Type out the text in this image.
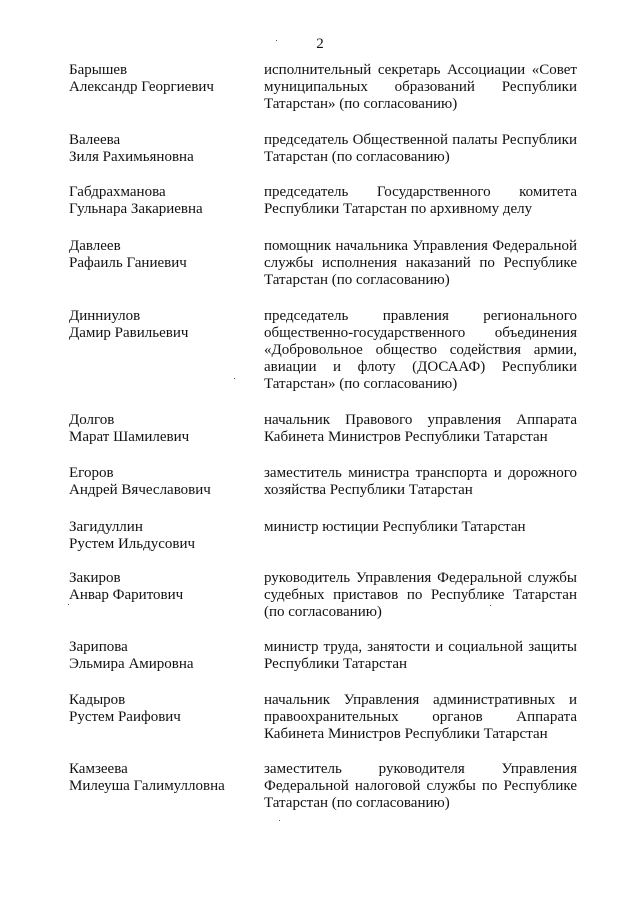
2
Барышев
Александр Георгиевич
исполнительный секретарь Ассоциации «Совет муниципальных образований Республики Татарстан» (по согласованию)
Валеева
Зиля Рахимьяновна
председатель Общественной палаты Республики Татарстан (по согласованию)
Габдрахманова
Гульнара Закариевна
председатель Государственного комитета Республики Татарстан по архивному делу
Давлеев
Рафаиль Ганиевич
помощник начальника Управления Федеральной службы исполнения наказаний по Республике Татарстан (по согласованию)
Динниулов
Дамир Равильевич
председатель правления регионального общественно-государственного объединения «Добровольное общество содействия армии, авиации и флоту (ДОСААФ) Республики Татарстан» (по согласованию)
Долгов
Марат Шамилевич
начальник Правового управления Аппарата Кабинета Министров Республики Татарстан
Егоров
Андрей Вячеславович
заместитель министра транспорта и дорожного хозяйства Республики Татарстан
Загидуллин
Рустем Ильдусович
министр юстиции Республики Татарстан
Закиров
Анвар Фаритович
руководитель Управления Федеральной службы судебных приставов по Республике Татарстан (по согласованию)
Зарипова
Эльмира Амировна
министр труда, занятости и социальной защиты Республики Татарстан
Кадыров
Рустем Раифович
начальник Управления административных и правоохранительных органов Аппарата Кабинета Министров Республики Татарстан
Камзеева
Милеуша Галимулловна
заместитель руководителя Управления Федеральной налоговой службы по Республике Татарстан (по согласованию)
